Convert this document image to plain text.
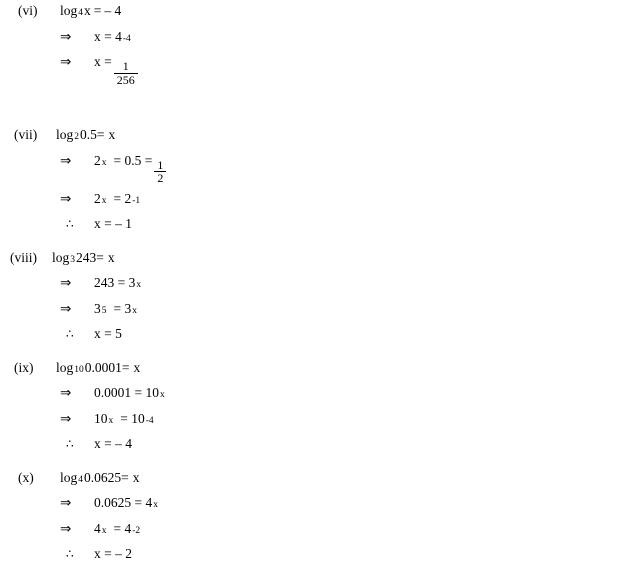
(vi)	$\log_4 x$ = – 4
⇒	$x = 4_{-4}$
⇒	$x = \frac{1}{256}$
(vii)	$\log_2 0.5 = x$
⇒	$2_x = 0.5 = \frac{1}{2}$
⇒	$2_x = 2_{-1}$
∴	x = – 1
(viii)	$\log_3 243 = x$
⇒	$243 = 3_x$
⇒	$3_5 = 3_x$
∴	x = 5
(ix)	$\log_{10} 0.0001 = x$
⇒	$0.0001 = 10_x$
⇒	$10_x = 10_{-4}$
∴	x = – 4
(x)	$\log_4 0.0625 = x$
⇒	$0.0625 = 4_x$
⇒	$4_x = 4_{-2}$
∴	x = – 2
